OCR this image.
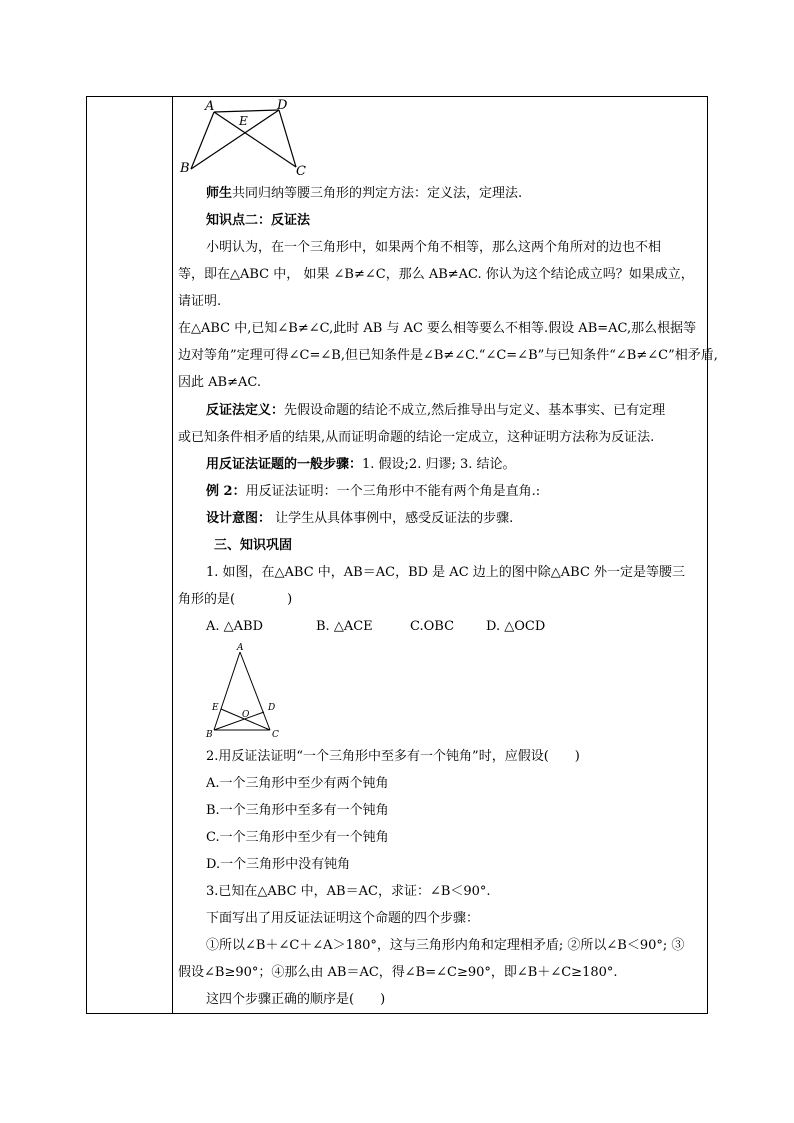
A	D
E
B	C
师生共同归纳等腰三角形的判定方法：定义法，定理法.
知识点二：反证法
小明认为，在一个三角形中，如果两个角不相等，那么这两个角所对的边也不相
等，即在△ABC 中， 如果 ∠B≠∠C，那么 AB≠AC. 你认为这个结论成立吗？如果成立，
请证明.
在△ABC 中,已知∠B≠∠C,此时 AB 与 AC 要么相等要么不相等.假设 AB=AC,那么根据等
边对等角”定理可得∠C=∠B,但已知条件是∠B≠∠C.“∠C=∠B”与已知条件“∠B≠∠C”相矛盾,
因此 AB≠AC.
反证法定义：先假设命题的结论不成立,然后推导出与定义、基本事实、已有定理
或已知条件相矛盾的结果,从而证明命题的结论一定成立，这种证明方法称为反证法.
用反证法证题的一般步骤：1. 假设;2. 归谬; 3. 结论。
例 2：用反证法证明：一个三角形中不能有两个角是直角.:
设计意图： 让学生从具体事例中，感受反证法的步骤.
三、知识巩固
1. 如图，在△ABC 中，AB＝AC，BD 是 AC 边上的图中除△ABC 外一定是等腰三
角形的是(　　　　)
A. △ABD	B. △ACE	C.OBC D. △OCD
A
E
O
D
B	C
2.用反证法证明“一个三角形中至多有一个钝角”时，应假设(　　)
A.一个三角形中至少有两个钝角
B.一个三角形中至多有一个钝角
C.一个三角形中至少有一个钝角
D.一个三角形中没有钝角
3.已知在△ABC 中，AB＝AC，求证：∠B＜90°.
下面写出了用反证法证明这个命题的四个步骤：
①所以∠B＋∠C＋∠A＞180°，这与三角形内角和定理相矛盾; ②所以∠B＜90°; ③
假设∠B≥90°；④那么由 AB＝AC，得∠B=∠C≥90°，即∠B＋∠C≥180°.
这四个步骤正确的顺序是(　　)
